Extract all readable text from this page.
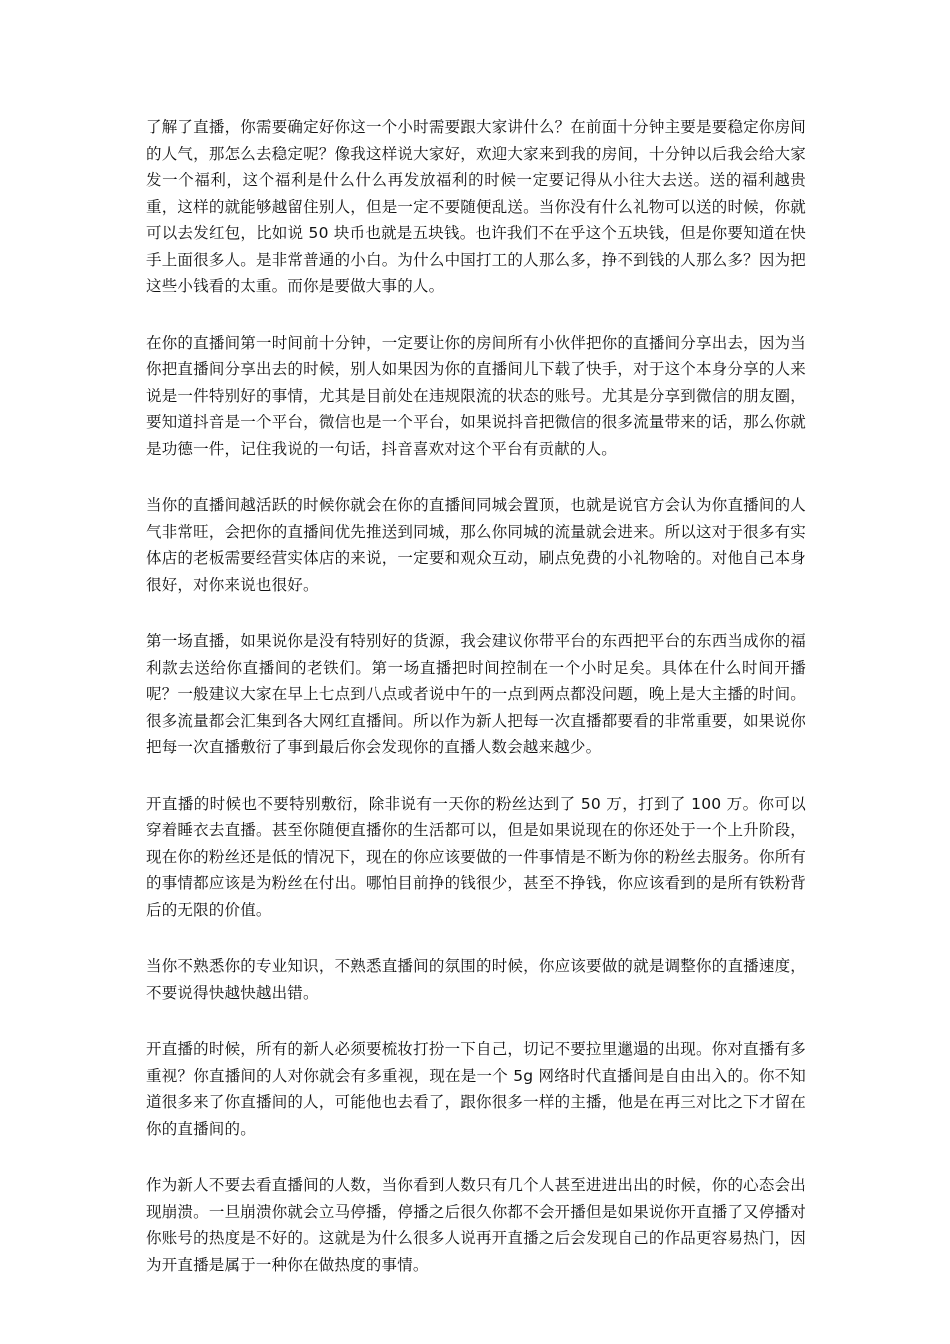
了解了直播，你需要确定好你这一个小时需要跟大家讲什么？在前面十分钟主要是要稳定你房间的人气，那怎么去稳定呢？像我这样说大家好，欢迎大家来到我的房间，十分钟以后我会给大家发一个福利，这个福利是什么什么再发放福利的时候一定要记得从小往大去送。送的福利越贵重，这样的就能够越留住别人，但是一定不要随便乱送。当你没有什么礼物可以送的时候，你就可以去发红包，比如说 50 块币也就是五块钱。也许我们不在乎这个五块钱，但是你要知道在快手上面很多人。是非常普通的小白。为什么中国打工的人那么多，挣不到钱的人那么多？因为把这些小钱看的太重。而你是要做大事的人。

在你的直播间第一时间前十分钟，一定要让你的房间所有小伙伴把你的直播间分享出去，因为当你把直播间分享出去的时候，别人如果因为你的直播间儿下载了快手，对于这个本身分享的人来说是一件特别好的事情，尤其是目前处在违规限流的状态的账号。尤其是分享到微信的朋友圈，要知道抖音是一个平台，微信也是一个平台，如果说抖音把微信的很多流量带来的话，那么你就是功德一件，记住我说的一句话，抖音喜欢对这个平台有贡献的人。

当你的直播间越活跃的时候你就会在你的直播间同城会置顶，也就是说官方会认为你直播间的人气非常旺，会把你的直播间优先推送到同城，那么你同城的流量就会进来。所以这对于很多有实体店的老板需要经营实体店的来说，一定要和观众互动，刷点免费的小礼物啥的。对他自己本身很好，对你来说也很好。

第一场直播，如果说你是没有特别好的货源，我会建议你带平台的东西把平台的东西当成你的福利款去送给你直播间的老铁们。第一场直播把时间控制在一个小时足矣。具体在什么时间开播呢？一般建议大家在早上七点到八点或者说中午的一点到两点都没问题，晚上是大主播的时间。很多流量都会汇集到各大网红直播间。所以作为新人把每一次直播都要看的非常重要，如果说你把每一次直播敷衍了事到最后你会发现你的直播人数会越来越少。

开直播的时候也不要特别敷衍，除非说有一天你的粉丝达到了 50 万，打到了 100 万。你可以穿着睡衣去直播。甚至你随便直播你的生活都可以，但是如果说现在的你还处于一个上升阶段，现在你的粉丝还是低的情况下，现在的你应该要做的一件事情是不断为你的粉丝去服务。你所有的事情都应该是为粉丝在付出。哪怕目前挣的钱很少，甚至不挣钱，你应该看到的是所有铁粉背后的无限的价值。

当你不熟悉你的专业知识，不熟悉直播间的氛围的时候，你应该要做的就是调整你的直播速度，不要说得快越快越出错。

开直播的时候，所有的新人必须要梳妆打扮一下自己，切记不要拉里邋遢的出现。你对直播有多重视？你直播间的人对你就会有多重视，现在是一个 5g 网络时代直播间是自由出入的。你不知道很多来了你直播间的人，可能他也去看了，跟你很多一样的主播，他是在再三对比之下才留在你的直播间的。

作为新人不要去看直播间的人数，当你看到人数只有几个人甚至进进出出的时候，你的心态会出现崩溃。一旦崩溃你就会立马停播，停播之后很久你都不会开播但是如果说你开直播了又停播对你账号的热度是不好的。这就是为什么很多人说再开直播之后会发现自己的作品更容易热门，因为开直播是属于一种你在做热度的事情。
